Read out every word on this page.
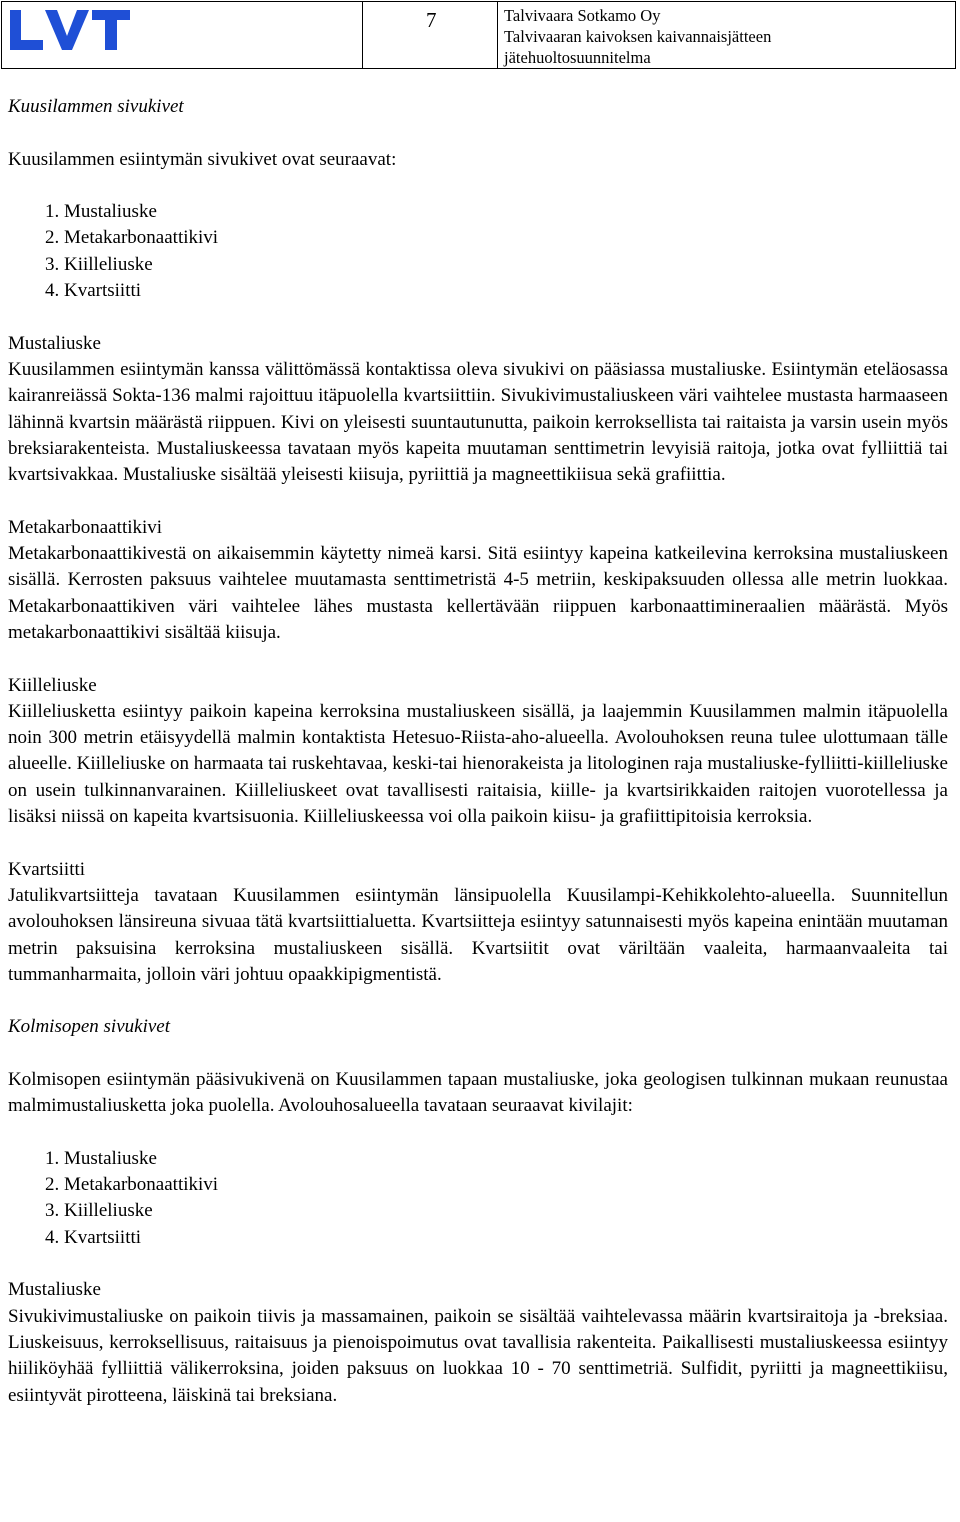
7	Talvivaara Sotkamo Oy
Talvivaaran kaivoksen kaivannaisjätteen
jätehuoltosuunnitelma
Kuusilammen sivukivet

Kuusilammen esiintymän sivukivet ovat seuraavat:

1. Mustaliuske
2. Metakarbonaattikivi
3. Kiilleliuske
4. Kvartsiitti
Mustaliuske

Kuusilammen esiintymän kanssa välittömässä kontaktissa oleva sivukivi on pääsiassa mustaliuske. Esiintymän eteläosassa kairanreiässä Sokta-136 malmi rajoittuu itäpuolella kvartsiittiin. Sivukivimustaliuskeen väri vaihtelee mustasta harmaaseen lähinnä kvartsin määrästä riippuen. Kivi on yleisesti suuntautunutta, paikoin kerroksellista tai raitaista ja varsin usein myös breksiarakenteista. Mustaliuskeessa tavataan myös kapeita muutaman senttimetrin levyisiä raitoja, jotka ovat fylliittiä tai kvartsivakkaa. Mustaliuske sisältää yleisesti kiisuja, pyriittiä ja magneettikiisua sekä grafiittia.

Metakarbonaattikivi

Metakarbonaattikivestä on aikaisemmin käytetty nimeä karsi. Sitä esiintyy kapeina katkeilevina kerroksina mustaliuskeen sisällä. Kerrosten paksuus vaihtelee muutamasta senttimetristä 4-5 metriin, keskipaksuuden ollessa alle metrin luokkaa. Metakarbonaattikiven väri vaihtelee lähes mustasta kellertävään riippuen karbonaattimineraalien määrästä. Myös metakarbonaattikivi sisältää kiisuja.

Kiilleliuske

Kiilleliusketta esiintyy paikoin kapeina kerroksina mustaliuskeen sisällä, ja laajemmin Kuusilammen malmin itäpuolella noin 300 metrin etäisyydellä malmin kontaktista Hetesuo-Riista-aho-alueella. Avolouhoksen reuna tulee ulottumaan tälle alueelle. Kiilleliuske on harmaata tai ruskehtavaa, keski-tai hienorakeista ja litologinen raja mustaliuske-fylliitti-kiilleliuske on usein tulkinnanvarainen. Kiilleliuskeet ovat tavallisesti raitaisia, kiille- ja kvartsirikkaiden raitojen vuorotellessa ja lisäksi niissä on kapeita kvartsisuonia. Kiilleliuskeessa voi olla paikoin kiisu- ja grafiittipitoisia kerroksia.

Kvartsiitti

Jatulikvartsiitteja tavataan Kuusilammen esiintymän länsipuolella Kuusilampi-Kehikkolehto-alueella. Suunnitellun avolouhoksen länsireuna sivuaa tätä kvartsiittialuetta. Kvartsiitteja esiintyy satunnaisesti myös kapeina enintään muutaman metrin paksuisina kerroksina mustaliuskeen sisällä. Kvartsiitit ovat väriltään vaaleita, harmaanvaaleita tai tummanharmaita, jolloin väri johtuu opaakkipigmentistä.

Kolmisopen sivukivet

Kolmisopen esiintymän pääsivukivenä on Kuusilammen tapaan mustaliuske, joka geologisen tulkinnan mukaan reunustaa malmimustaliusketta joka puolella. Avolouhosalueella tavataan seuraavat kivilajit:

1. Mustaliuske
2. Metakarbonaattikivi
3. Kiilleliuske
4. Kvartsiitti
Mustaliuske

Sivukivimustaliuske on paikoin tiivis ja massamainen, paikoin se sisältää vaihtelevassa määrin kvartsiraitoja ja -breksiaa. Liuskeisuus, kerroksellisuus, raitaisuus ja pienoispoimutus ovat tavallisia rakenteita. Paikallisesti mustaliuskeessa esiintyy hiiliköyhää fylliittiä välikerroksina, joiden paksuus on luokkaa 10 - 70 senttimetriä. Sulfidit, pyriitti ja magneettikiisu, esiintyvät pirotteena, läiskinä tai breksiana.
